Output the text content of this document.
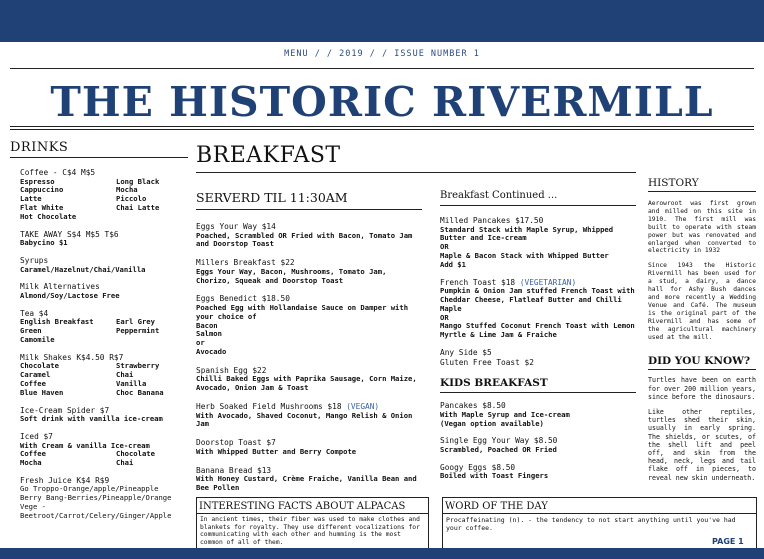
MENU / / 2019 / / ISSUE NUMBER 1
THE HISTORIC RIVERMILL
DRINKS
Coffee - C$4 M$5
Espresso	Long Black
Cappuccino	Mocha
Latte	Piccolo
Flat White	Chai Latte
Hot Chocolate
TAKE AWAY S$4 M$5 T$6
Babycino $1
Syrups
Caramel/Hazelnut/Chai/Vanilla
Milk Alternatives
Almond/Soy/Lactose Free
Tea $4
English Breakfast	Earl Grey
Green	Peppermint
Camomile
Milk Shakes K$4.50 R$7
Chocolate	Strawberry
Caramel	Chai
Coffee	Vanilla
Blue Haven	Choc Banana
Ice-Cream Spider $7
Soft drink with vanilla ice-cream
Iced $7
With Cream & vanilla Ice-cream
Coffee	Chocolate
Mocha	Chai
Fresh Juice K$4 R$9
Go Troppo-Orange/apple/Pineapple
Berry Bang-Berries/Pineapple/Orange
Vege -
Beetroot/Carrot/Celery/Ginger/Apple
BREAKFAST
SERVERD TIL 11:30AM
Eggs Your Way $14
Poached, Scrambled OR Fried with Bacon, Tomato Jam and Doorstop Toast
Millers Breakfast $22
Eggs Your Way, Bacon, Mushrooms, Tomato Jam, Chorizo, Squeak and Doorstop Toast
Eggs Benedict $18.50
Poached Egg with Hollandaise Sauce on Damper with your choice of
Bacon
Salmon
or
Avocado
Spanish Egg $22
Chilli Baked Eggs with Paprika Sausage, Corn Maize, Avocado, Onion Jam & Toast
Herb Soaked Field Mushrooms $18 (VEGAN)
With Avocado, Shaved Coconut, Mango Relish & Onion Jam
Doorstop Toast $7
With Whipped Butter and Berry Compote
Banana Bread $13
With Honey Custard, Crème Fraiche, Vanilla Bean and Bee Pollen
Breakfast Continued ...
Milled Pancakes $17.50
Standard Stack with Maple Syrup, Whipped Butter and Ice-cream
OR
Maple & Bacon Stack with Whipped Butter
Add $1
French Toast $18 (VEGETARIAN)
Pumpkin & Onion Jam stuffed French Toast with Cheddar Cheese, Flatleaf Butter and Chilli Maple
OR
Mango Stuffed Coconut French Toast with Lemon Myrtle & Lime Jam & Fraiche
Any Side $5
Gluten Free Toast $2
KIDS BREAKFAST
Pancakes $8.50
With Maple Syrup and Ice-cream
(Vegan option available)
Single Egg Your Way $8.50
Scrambled, Poached OR Fried
Googy Eggs $8.50
Boiled with Toast Fingers
HISTORY
Aerowroot was first grown and milled on this site in 1910. The first mill was built to operate with steam power but was renovated and enlarged when converted to electricity in 1932
Since 1943 the Historic Rivermill has been used for a stud, a dairy, a dance hall for Ashy Bush dances and more recently a Wedding Venue and Café. The museum is the original part of the Rivermill and has some of the agricultural machinery used at the mill.
DID YOU KNOW?
Turtles have been on earth for over 200 million years, since before the dinosaurs.
Like other reptiles, turtles shed their skin, usually in early spring. The shields, or scutes, of the shell lift and peel off, and skin from the head, neck, legs and tail flake off in pieces, to reveal new skin underneath.
INTERESTING FACTS ABOUT ALPACAS
In ancient times, their fiber was used to make clothes and blankets for royalty. They use different vocalizations for communicating with each other and humming is the most common of all of them.
WORD OF THE DAY
Procaffeinating (n). - the tendency to not start anything until you've had your coffee.
PAGE 1
